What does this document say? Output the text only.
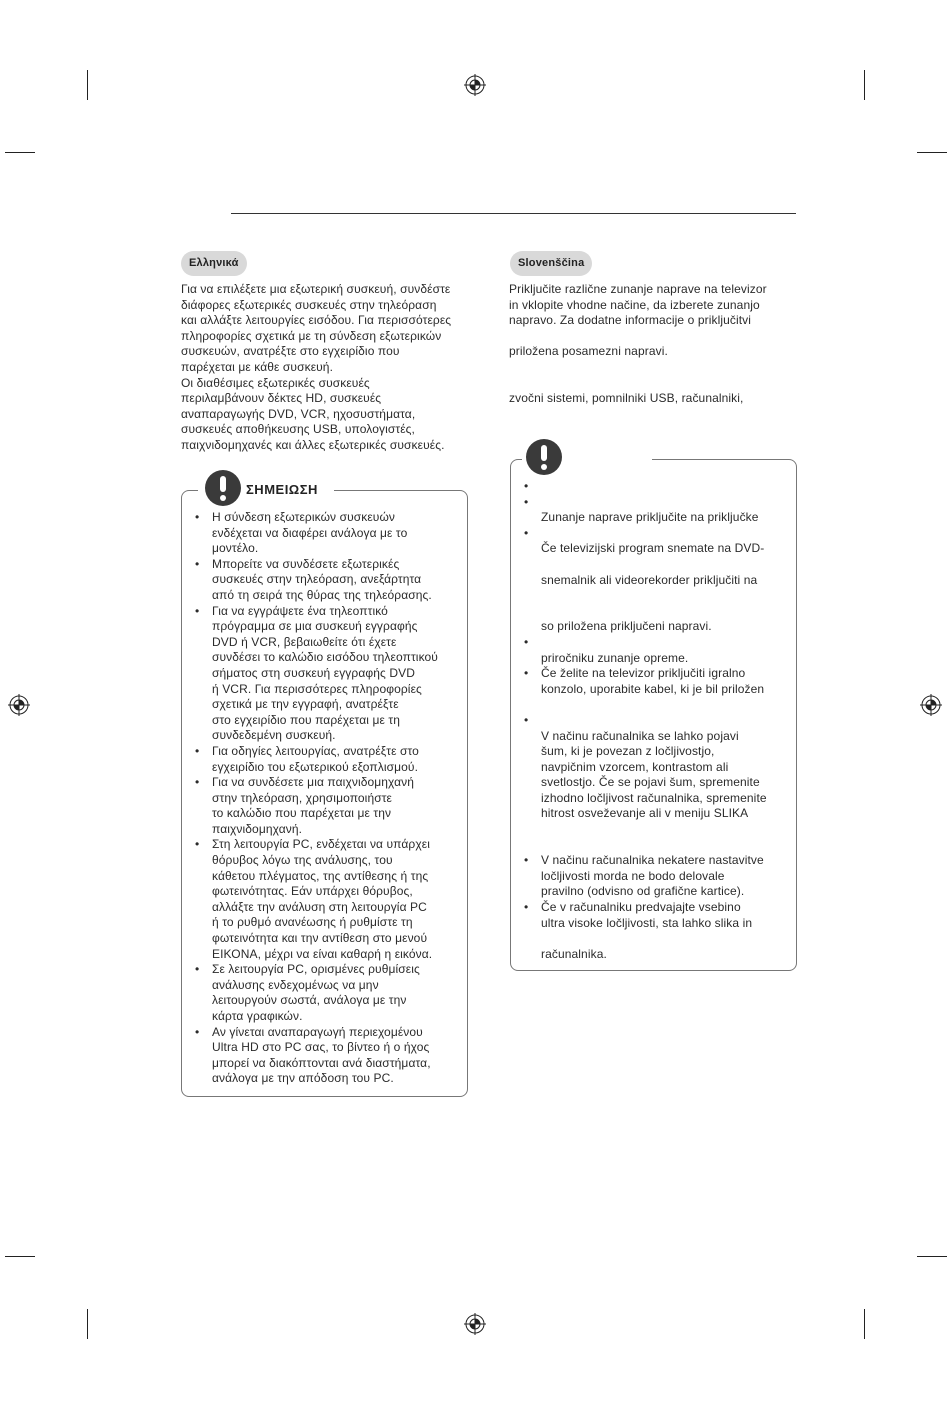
Ελληνικά
Για να επιλέξετε μια εξωτερική συσκευή, συνδέστε
διάφορες εξωτερικές συσκευές στην τηλεόραση
και αλλάξτε λειτουργίες εισόδου. Για περισσότερες
πληροφορίες σχετικά με τη σύνδεση εξωτερικών
συσκευών, ανατρέξτε στο εγχειρίδιο που
παρέχεται με κάθε συσκευή.
Οι διαθέσιμες εξωτερικές συσκευές
περιλαμβάνουν δέκτες HD, συσκευές
αναπαραγωγής DVD, VCR, ηχοσυστήματα,
συσκευές αποθήκευσης USB, υπολογιστές,
παιχνιδομηχανές και άλλες εξωτερικές συσκευές.
ΣΗΜΕΙΩΣΗ
• Η σύνδεση εξωτερικών συσκευών
ενδέχεται να διαφέρει ανάλογα με το
μοντέλο.
• Μπορείτε να συνδέσετε εξωτερικές
συσκευές στην τηλεόραση, ανεξάρτητα
από τη σειρά της θύρας της τηλεόρασης.
• Για να εγγράψετε ένα τηλεοπτικό
πρόγραμμα σε μια συσκευή εγγραφής
DVD ή VCR, βεβαιωθείτε ότι έχετε
συνδέσει το καλώδιο εισόδου τηλεοπτικού
σήματος στη συσκευή εγγραφής DVD
ή VCR. Για περισσότερες πληροφορίες
σχετικά με την εγγραφή, ανατρέξτε
στο εγχειρίδιο που παρέχεται με τη
συνδεδεμένη συσκευή.
• Για οδηγίες λειτουργίας, ανατρέξτε στο
εγχειρίδιο του εξωτερικού εξοπλισμού.
• Για να συνδέσετε μια παιχνιδομηχανή
στην τηλεόραση, χρησιμοποιήστε
το καλώδιο που παρέχεται με την
παιχνιδομηχανή.
• Στη λειτουργία PC, ενδέχεται να υπάρχει
θόρυβος λόγω της ανάλυσης, του
κάθετου πλέγματος, της αντίθεσης ή της
φωτεινότητας. Εάν υπάρχει θόρυβος,
αλλάξτε την ανάλυση στη λειτουργία PC
ή το ρυθμό ανανέωσης ή ρυθμίστε τη
φωτεινότητα και την αντίθεση στο μενού
ΕΙΚΟΝΑ, μέχρι να είναι καθαρή η εικόνα.
• Σε λειτουργία PC, ορισμένες ρυθμίσεις
ανάλυσης ενδεχομένως να μην
λειτουργούν σωστά, ανάλογα με την
κάρτα γραφικών.
• Αν γίνεται αναπαραγωγή περιεχομένου
Ultra HD στο PC σας, το βίντεο ή ο ήχος
μπορεί να διακόπτονται ανά διαστήματα,
ανάλογα με την απόδοση του PC.
Slovenščina
Priključite različne zunanje naprave na televizor
in vklopite vhodne načine, da izberete zunanjo
napravo. Za dodatne informacije o priključitvi
priložena posamezni napravi.
zvočni sistemi, pomnilniki USB, računalniki,
•
•
Zunanje naprave priključite na priključke
•
Če televizijski program snemate na DVD-
snemalnik ali videorekorder priključiti na
so priložena priključeni napravi.
•
priročniku zunanje opreme.
• Če želite na televizor priključiti igralno
konzolo, uporabite kabel, ki je bil priložen
•
V načinu računalnika se lahko pojavi
šum, ki je povezan z ločljivostjo,
navpičnim vzorcem, kontrastom ali
svetlostjo. Če se pojavi šum, spremenite
izhodno ločljivost računalnika, spremenite
hitrost osveževanje ali v meniju SLIKA
• V načinu računalnika nekatere nastavitve
ločljivosti morda ne bodo delovale
pravilno (odvisno od grafične kartice).
• Če v računalniku predvajajte vsebino
ultra visoke ločljivosti, sta lahko slika in
računalnika.
